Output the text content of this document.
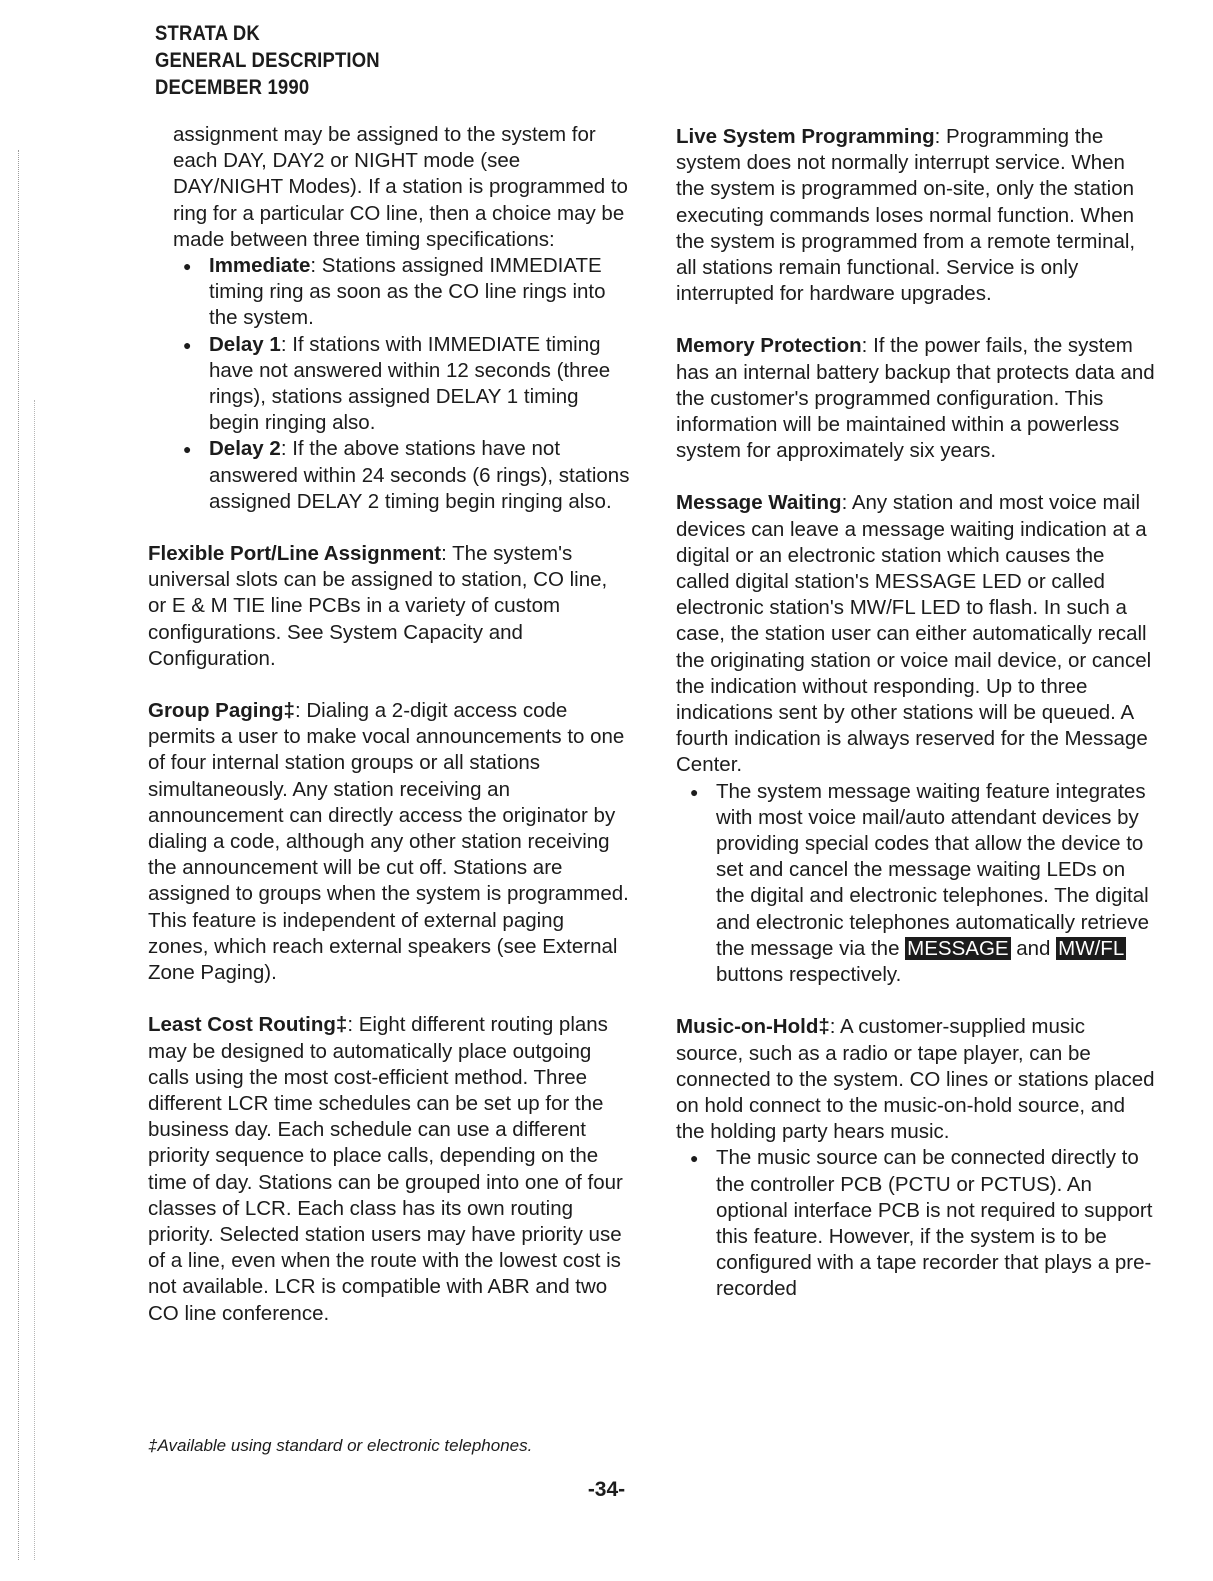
STRATA DK
GENERAL DESCRIPTION
DECEMBER 1990
assignment may be assigned to the system for each DAY, DAY2 or NIGHT mode (see DAY/NIGHT Modes). If a station is programmed to ring for a particular CO line, then a choice may be made between three timing specifications:
● Immediate: Stations assigned IMMEDIATE timing ring as soon as the CO line rings into the system.
● Delay 1: If stations with IMMEDIATE timing have not answered within 12 seconds (three rings), stations assigned DELAY 1 timing begin ringing also.
● Delay 2: If the above stations have not answered within 24 seconds (6 rings), stations assigned DELAY 2 timing begin ringing also.
Flexible Port/Line Assignment: The system's universal slots can be assigned to station, CO line, or E & M TIE line PCBs in a variety of custom configurations. See System Capacity and Configuration.
Group Paging‡: Dialing a 2-digit access code permits a user to make vocal announcements to one of four internal station groups or all stations simultaneously. Any station receiving an announcement can directly access the originator by dialing a code, although any other station receiving the announcement will be cut off. Stations are assigned to groups when the system is programmed. This feature is independent of external paging zones, which reach external speakers (see External Zone Paging).
Least Cost Routing‡: Eight different routing plans may be designed to automatically place outgoing calls using the most cost-efficient method. Three different LCR time schedules can be set up for the business day. Each schedule can use a different priority sequence to place calls, depending on the time of day. Stations can be grouped into one of four classes of LCR. Each class has its own routing priority. Selected station users may have priority use of a line, even when the route with the lowest cost is not available. LCR is compatible with ABR and two CO line conference.
Live System Programming: Programming the system does not normally interrupt service. When the system is programmed on-site, only the station executing commands loses normal function. When the system is programmed from a remote terminal, all stations remain functional. Service is only interrupted for hardware upgrades.
Memory Protection: If the power fails, the system has an internal battery backup that protects data and the customer's programmed configuration. This information will be maintained within a powerless system for approximately six years.
Message Waiting: Any station and most voice mail devices can leave a message waiting indication at a digital or an electronic station which causes the called digital station's MESSAGE LED or called electronic station's MW/FL LED to flash. In such a case, the station user can either automatically recall the originating station or voice mail device, or cancel the indication without responding. Up to three indications sent by other stations will be queued. A fourth indication is always reserved for the Message Center.
● The system message waiting feature integrates with most voice mail/auto attendant devices by providing special codes that allow the device to set and cancel the message waiting LEDs on the digital and electronic telephones. The digital and electronic telephones automatically retrieve the message via the MESSAGE and MW/FL buttons respectively.
Music-on-Hold‡: A customer-supplied music source, such as a radio or tape player, can be connected to the system. CO lines or stations placed on hold connect to the music-on-hold source, and the holding party hears music.
● The music source can be connected directly to the controller PCB (PCTU or PCTUS). An optional interface PCB is not required to support this feature. However, if the system is to be configured with a tape recorder that plays a pre-recorded
‡Available using standard or electronic telephones.
-34-
